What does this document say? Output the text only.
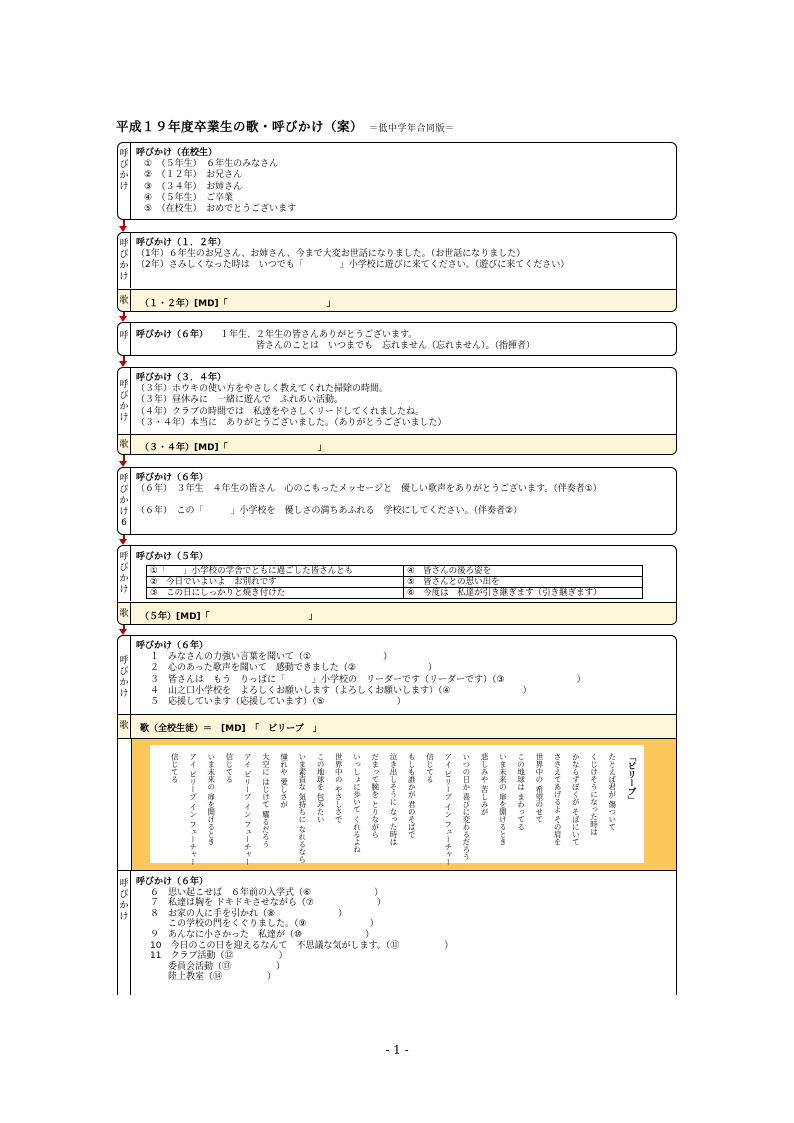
平成１９年度卒業生の歌・呼びかけ（案） ＝低中学年合同版＝
呼
び
か
け
呼びかけ（在校生）
①　（５年生）　６年生のみなさん
②　（１２年）　お兄さん
③　（３４年）　お姉さん
④　（５年生）　ご卒業
⑤　（在校生）　おめでとうございます
呼
び
か
け
呼びかけ（１．２年）
（1年）６年生のお兄さん、お姉さん、今まで大変お世話になりました。（お世話になりました）
（2年）さみしくなった時は　いつでも「　　　　」小学校に遊びに来てください。（遊びに来てください）
歌 （１・２年）[MD]「　　　　　　　　　　　」
呼 呼びかけ（６年） １年生、２年生の皆さんありがとうございます。
皆さんのことは　いつまでも　忘れません（忘れません）。（指揮者）
呼
び
か
け
呼びかけ（３．４年）
（３年）ホウキの使い方をやさしく教えてくれた掃除の時間。
（３年）昼休みに　一緒に遊んで　ふれあい活動。
（４年）クラブの時間では　私達をやさしくリードしてくれましたね。
（３・４年）本当に　ありがとうございました。（ありがとうございました）
歌 （３・４年）[MD]「　　　　　　　　　　」
呼
び
か
け
6
呼びかけ（６年）
（６年）　３年生　４年生の皆さん　心のこもったメッセージと　優しい歌声をありがとうございます。（伴奏者①）
（６年）　この「　　　」小学校を　優しさの満ちあふれる　学校にしてください。（伴奏者②）
呼
び
か
け
呼びかけ（５年）
①「　　」小学校の学舎でともに過ごした皆さんとも	④　皆さんの後ろ姿を
②　今日でいよいよ　お別れです	⑤　皆さんとの思い出を
③　この日にしっかりと焼き付けた	⑥　今度は　私達が引き継ぎます（引き継ぎます）
歌 （５年）[MD]「　　　　　　　　　　　」
呼
び
か
け
呼びかけ（６年）
１　みなさんの力強い言葉を聞いて（①　　　　　　　　）
２　心のあった歌声を聞いて　感動できました（②　　　　　　　　）
３　皆さんは　もう　りっぱに「　　　」小学校の　リーダーです（リーダーです）（③　　　　　　　　）
４　山之口小学校を　よろしくお願いします（よろしくお願いします）（④　　　　　　　　）
５　応援しています（応援しています）（⑤　　　　　　　　）
歌 歌（全校生徒）＝　[MD]　「　ビリーブ　」
「ビリーブ」
たとえば君が 傷ついて
くじけそうになった時は
かならずぼくが そばにいて
ささえてあげるよ その肩を
世界中の 希望のせて
この地球は まわってる
いま未来の 扉を開けるとき
悲しみや 苦しみが
いつの日か 喜びに変わるだろう
アイ ビリーブ イン フューチャー
信じてる
もしも誰かが 君のそばで
泣き出しそうに なった時は
だまって腕を とりながら
いっしょに歩いて くれるよね
世界中の やさしさで
この地球を 包みたい
いま素直な 気持ちに なれるなら
憧れや 愛しさが
大空に はじけて 耀るだろう
アイ ビリーブ イン フューチャー
信じてる
いま未来の 扉を開けるとき
アイ ビリーブ イン フューチャー
信じてる
呼
び
か
け
呼びかけ（６年）
６　思い起こせば　６年前の入学式（⑥　　　　　　　）
７　私達は胸を ドキドキさせながら（⑦　　　　　　　）
８　お家の人に手を引かれ（⑧　　　　　　　）
　　この学校の門をくぐりました。（⑨　　　　　　　）
９　あんなに小さかった　私達が（⑩　　　　　　　）
10　今日のこの日を迎えるなんて　不思議な気がします。（⑪　　　　　）
11　クラブ活動（⑫　　　　　）
　　委員会活動（⑬　　　　　）
　　陸上教室（⑭　　　　　）
- 1 -
